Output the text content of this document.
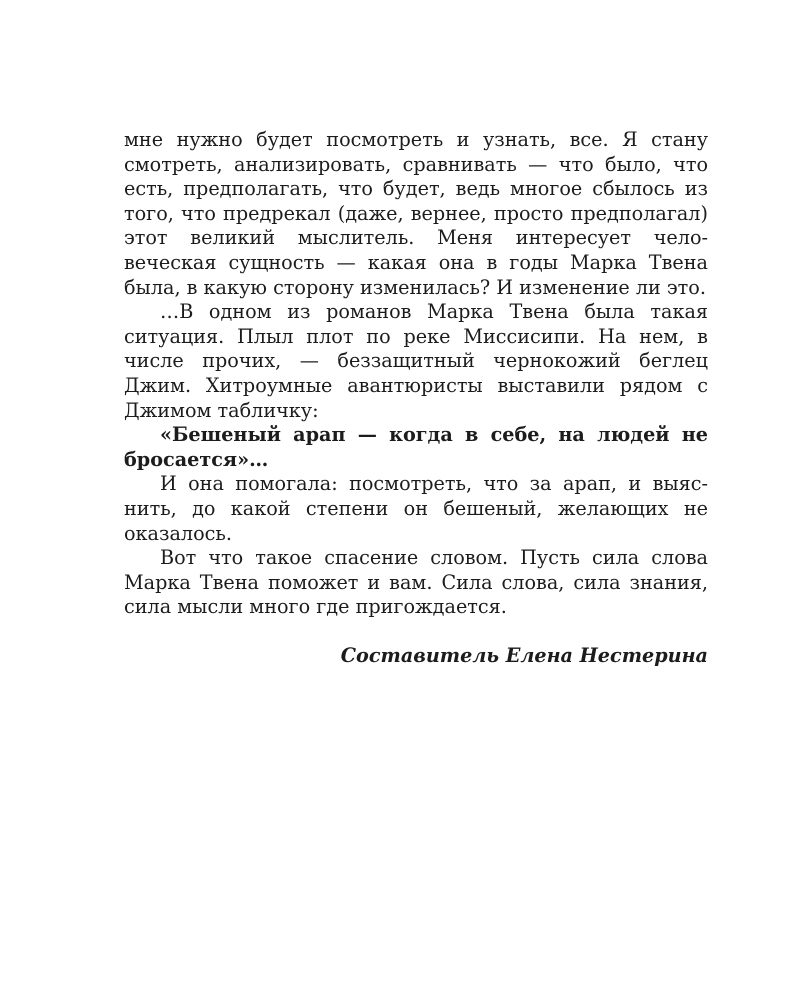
мне нужно будет посмотреть и узнать, все. Я стану смотреть, анализировать, сравнивать — что было, что есть, предполагать, что будет, ведь многое сбылось из того, что предрекал (даже, вернее, просто предполагал) этот великий мыслитель. Меня интересует человеческая сущность — какая она в годы Марка Твена была, в какую сторону изменилась? И изменение ли это.

…В одном из романов Марка Твена была такая ситуация. Плыл плот по реке Миссисипи. На нем, в числе прочих, — беззащитный чернокожий беглец Джим. Хитроумные авантюристы выставили рядом с Джимом табличку:

«Бешеный арап — когда в себе, на людей не бросается»…

И она помогала: посмотреть, что за арап, и выяснить, до какой степени он бешеный, желающих не оказалось.

Вот что такое спасение словом. Пусть сила слова Марка Твена поможет и вам. Сила слова, сила знания, сила мысли много где пригождается.

Составитель Елена Нестерина
